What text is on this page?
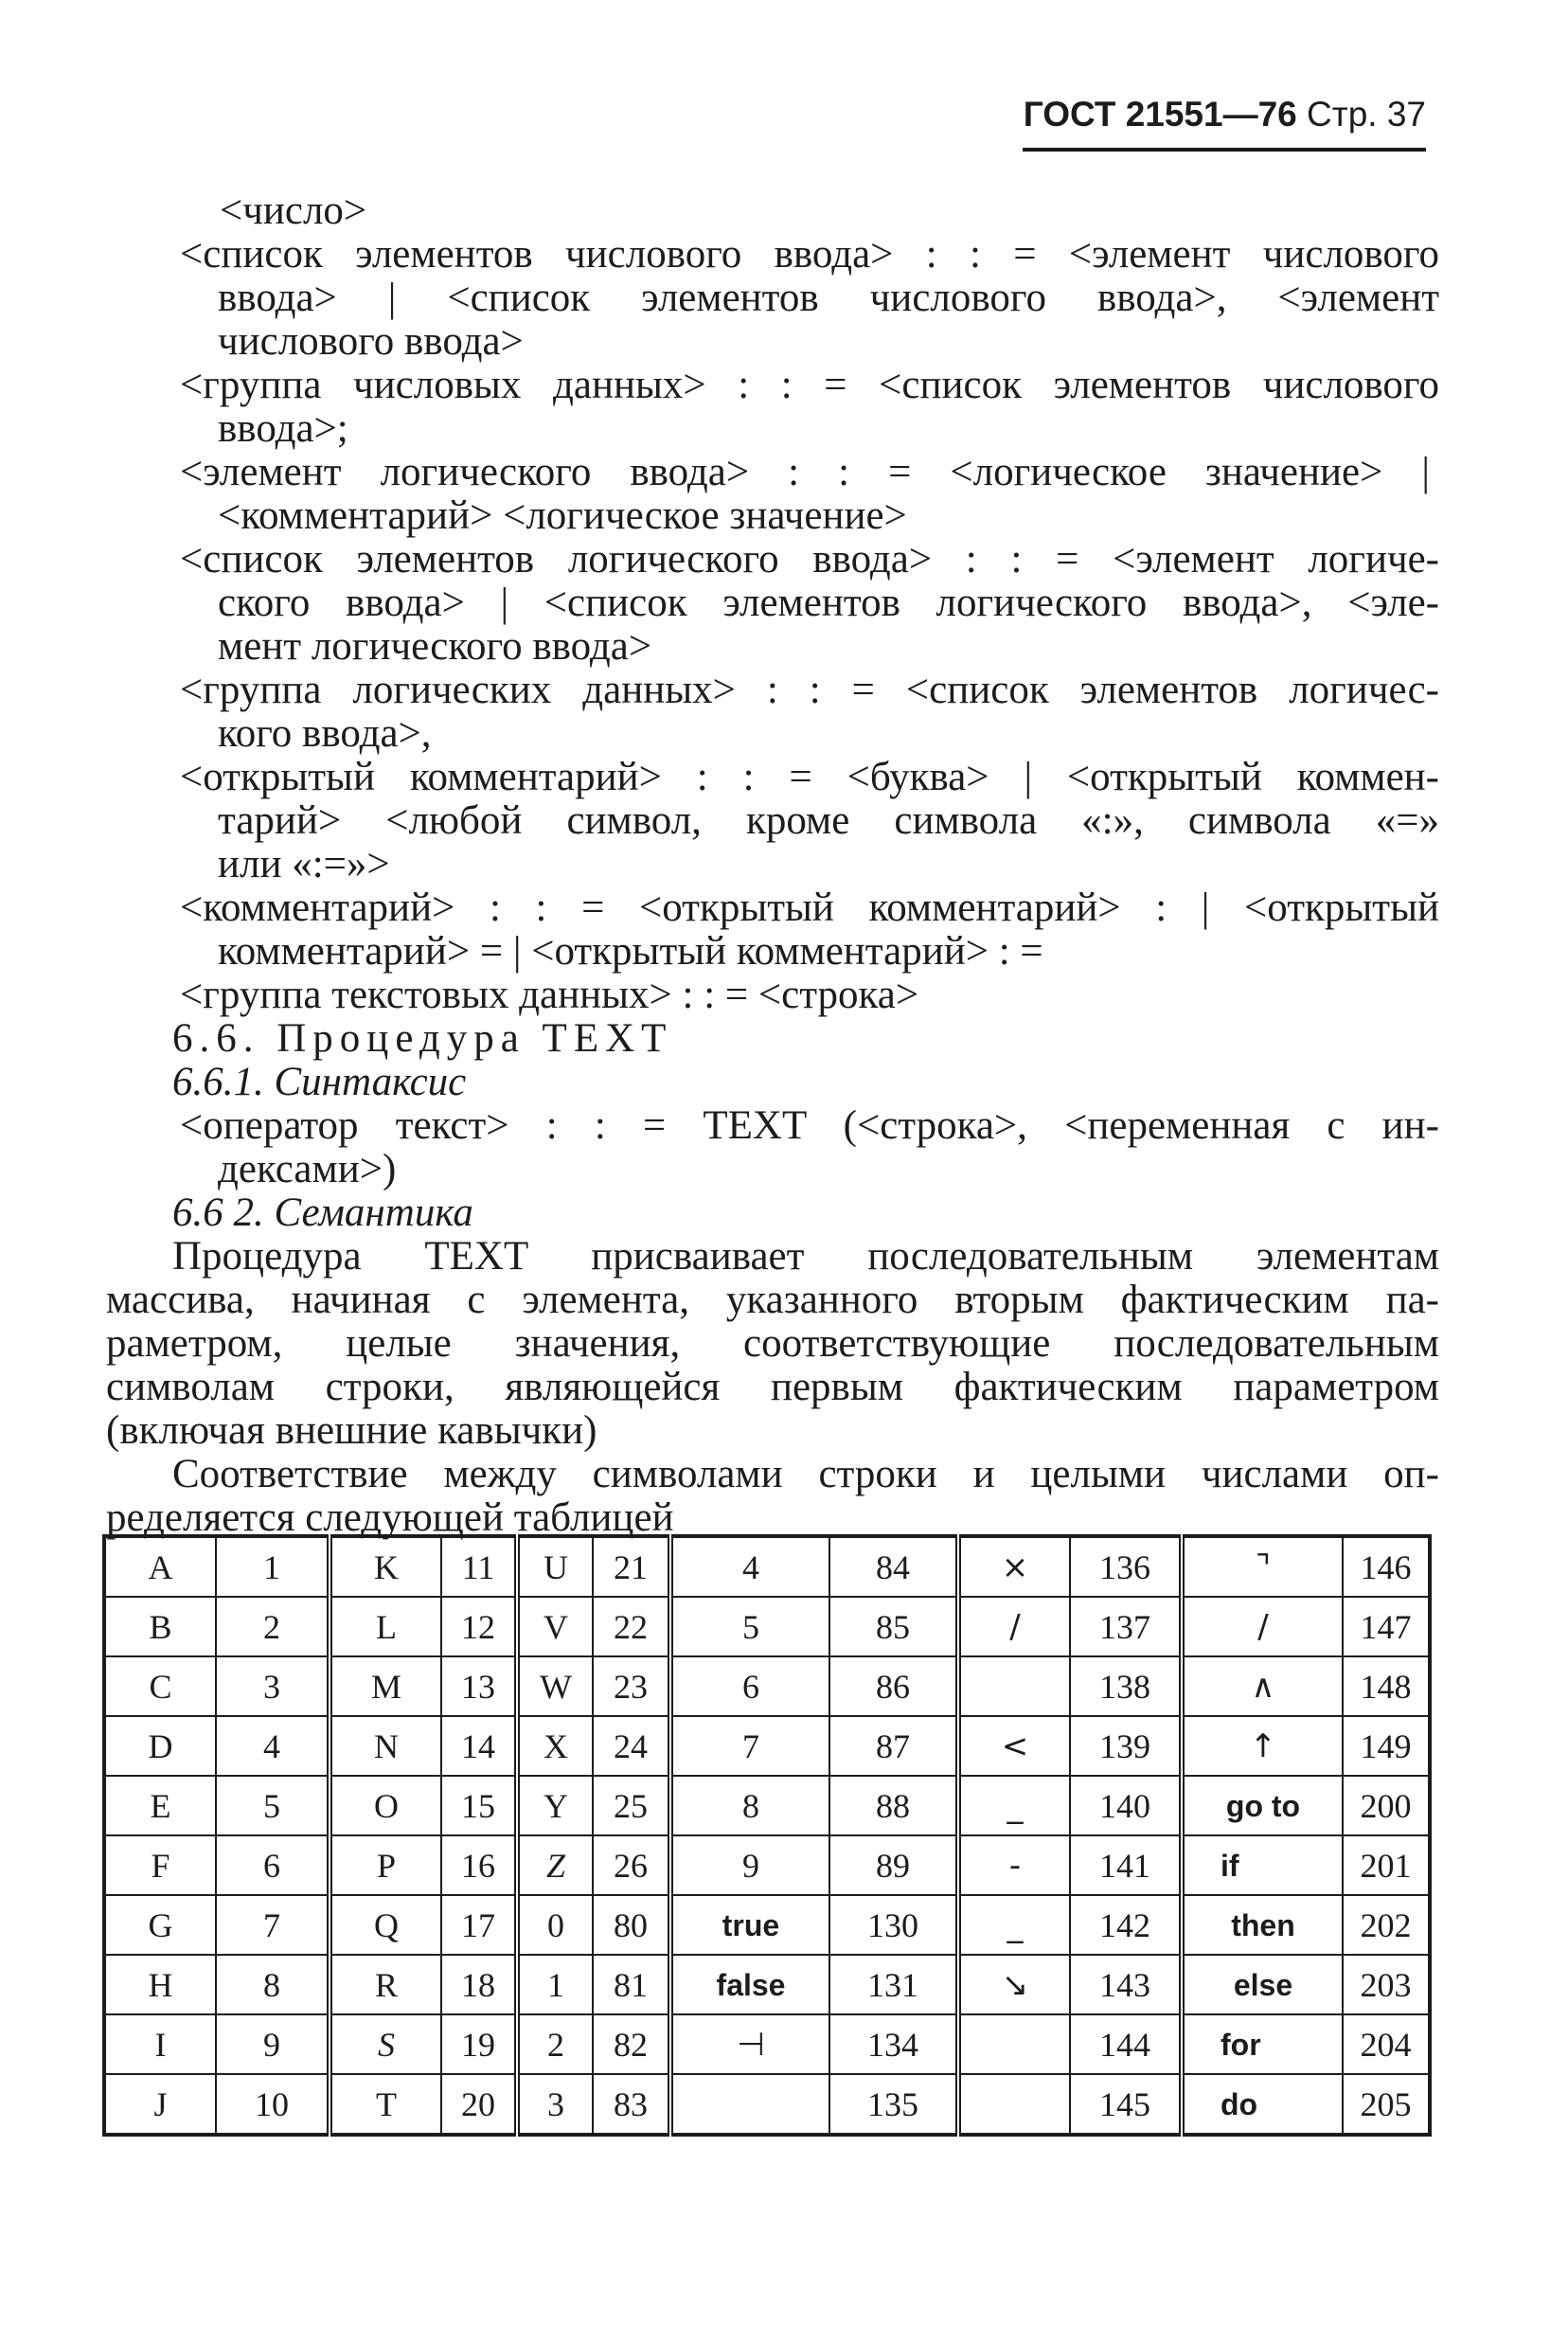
ГОСТ 21551—76 Стр. 37
<число>
<список элементов числового ввода> : : = <элемент числового
ввода> | <список элементов числового ввода>, <элемент
числового ввода>
<группа числовых данных> : : = <список элементов числового
ввода>;
<элемент логического ввода> : : = <логическое значение> |
<комментарий> <логическое значение>
<список элементов логического ввода> : : = <элемент логиче-
ского ввода> | <список элементов логического ввода>, <эле-
мент логического ввода>
<группа логических данных> : : = <список элементов логичес-
кого ввода>,
<открытый комментарий> : : = <буква> | <открытый коммен-
тарий> <любой символ, кроме символа «:», символа «=»
или «:=»>
<комментарий> : : = <открытый комментарий> : | <открытый
комментарий> = | <открытый комментарий> : =
<группа текстовых данных> : : = <строка>
6.6. Процедура TEXT
6.6.1. Синтаксис
<оператор текст> : : = TEXT (<строка>, <переменная с ин-
дексами>)
6.6 2. Семантика
Процедура TEXT присваивает последовательным элементам
массива, начиная с элемента, указанного вторым фактическим па-
раметром, целые значения, соответствующие последовательным
символам строки, являющейся первым фактическим параметром
(включая внешние кавычки)
Соответствие между символами строки и целыми числами оп-
ределяется следующей таблицей
A	1	K	11	U	21	4	84	×	136	⌝	146
B	2	L	12	V	22	5	85	/	137	/	147
C	3	M	13	W	23	6	86		138	∧	148
D	4	N	14	X	24	7	87	<	139	↑	149
E	5	O	15	Y	25	8	88	_	140	go to	200
F	6	P	16	Z	26	9	89	-	141	if	201
G	7	Q	17	0	80	true	130	_	142	then	202
H	8	R	18	1	81	false	131	↘	143	else	203
I	9	S	19	2	82	⊣	134		144	for	204
J	10	T	20	3	83		135		145	do	205
